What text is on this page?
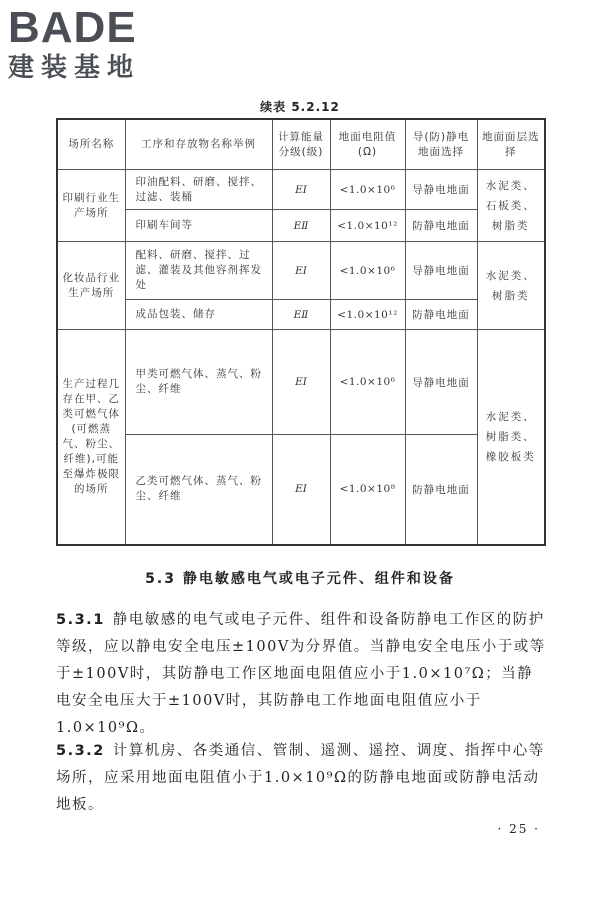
BADE
建装基地
续表 5.2.12
场所名称	工序和存放物名称举例	计算能量分级(级)	地面电阻值(Ω)	导(防)静电地面选择	地面面层选择
印刷行业生产场所	印油配料、研磨、搅拌、过滤、装桶	EⅠ	<1.0×10⁶	导静电地面	水泥类、石板类、树脂类
	印刷车间等	EⅡ	<1.0×10¹²	防静电地面	
化妆品行业生产场所	配料、研磨、搅拌、过滤、灌装及其他容剂挥发处	EⅠ	<1.0×10⁶	导静电地面	水泥类、树脂类
	成品包装、储存	EⅡ	<1.0×10¹²	防静电地面	
生产过程几存在甲、乙类可燃气体(可燃蒸气、粉尘、纤维),可能至爆炸极限的场所	甲类可燃气体、蒸气、粉尘、纤维	EⅠ	<1.0×10⁶	导静电地面	水泥类、树脂类、橡胶板类
	乙类可燃气体、蒸气、粉尘、纤维	EⅠ	<1.0×10⁸	防静电地面	
5.3 静电敏感电气或电子元件、组件和设备

5.3.1 静电敏感的电气或电子元件、组件和设备防静电工作区的防护等级，应以静电安全电压±100V为分界值。当静电安全电压小于或等于±100V时，其防静电工作区地面电阻值应小于1.0×10⁷Ω；当静电安全电压大于±100V时，其防静电工作地面电阻值应小于1.0×10⁹Ω。

5.3.2 计算机房、各类通信、管制、遥测、遥控、调度、指挥中心等场所，应采用地面电阻值小于1.0×10⁹Ω的防静电地面或防静电活动地板。

· 25 ·
